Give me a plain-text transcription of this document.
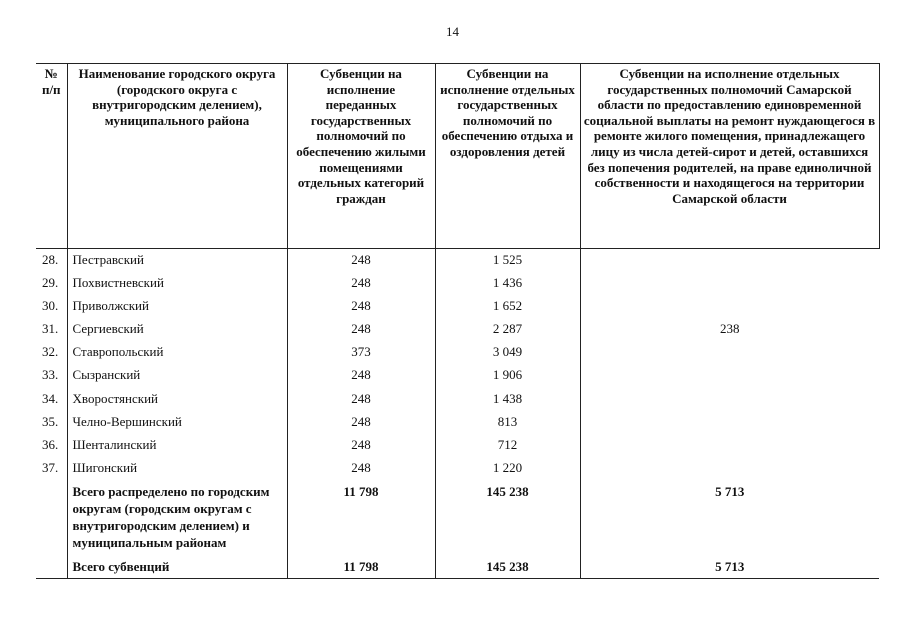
14
№ п/п	Наименование городского округа (городского округа с внутригородским делением), муниципального района	Субвенции на исполнение переданных государственных полномочий по обеспечению жилыми помещениями отдельных категорий граждан	Субвенции на исполнение отдельных государственных полномочий по обеспечению отдыха и оздоровления детей	Субвенции на исполнение отдельных государственных полномочий Самарской области по предоставлению единовременной социальной выплаты на ремонт нуждающегося в ремонте жилого помещения, принадлежащего лицу из числа детей-сирот и детей, оставшихся без попечения родителей, на праве единоличной собственности и находящегося на территории Самарской области
28.	Пестравский	248	1 525	
29.	Похвистневский	248	1 436	
30.	Приволжский	248	1 652	
31.	Сергиевский	248	2 287	238
32.	Ставропольский	373	3 049	
33.	Сызранский	248	1 906	
34.	Хворостянский	248	1 438	
35.	Челно-Вершинский	248	813	
36.	Шенталинский	248	712	
37.	Шигонский	248	1 220	
	Всего распределено по городским округам (городским округам с внутригородским делением) и муниципальным районам	11 798	145 238	5 713
	Всего субвенций	11 798	145 238	5 713
